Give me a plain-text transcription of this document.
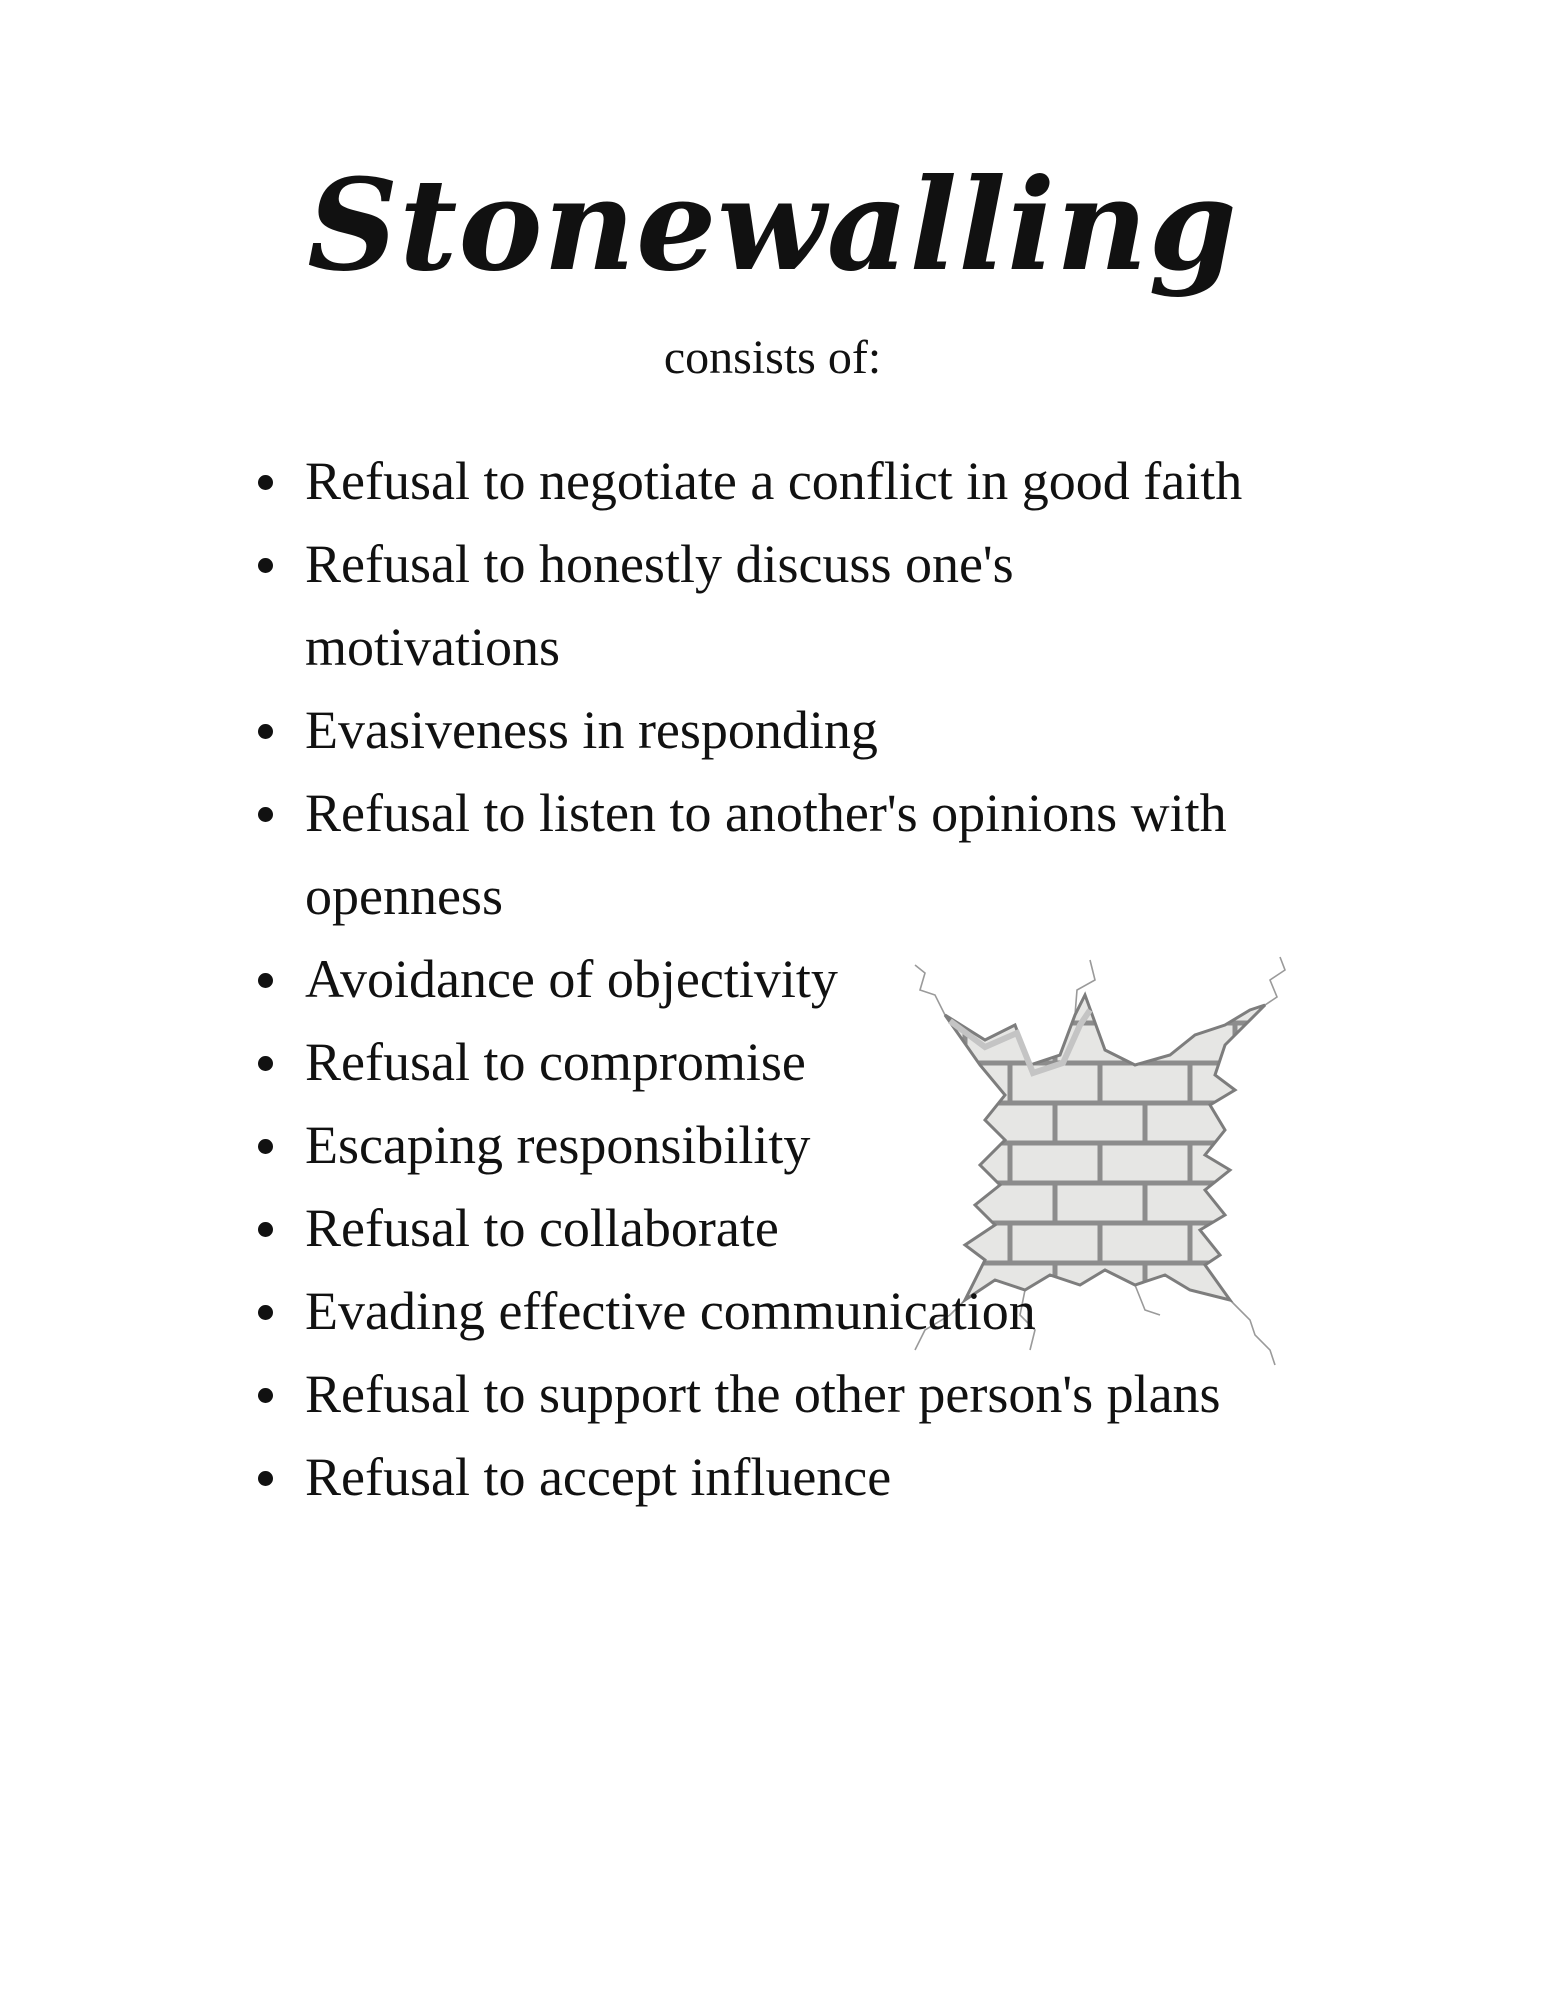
Stonewalling
consists of:
Refusal to negotiate a conflict in good faith
Refusal to honestly discuss one's motivations
Evasiveness in responding
Refusal to listen to another's opinions with openness
Avoidance of objectivity
Refusal to compromise
Escaping responsibility
Refusal to collaborate
Evading effective communication
Refusal to support the other person's plans
Refusal to accept influence
